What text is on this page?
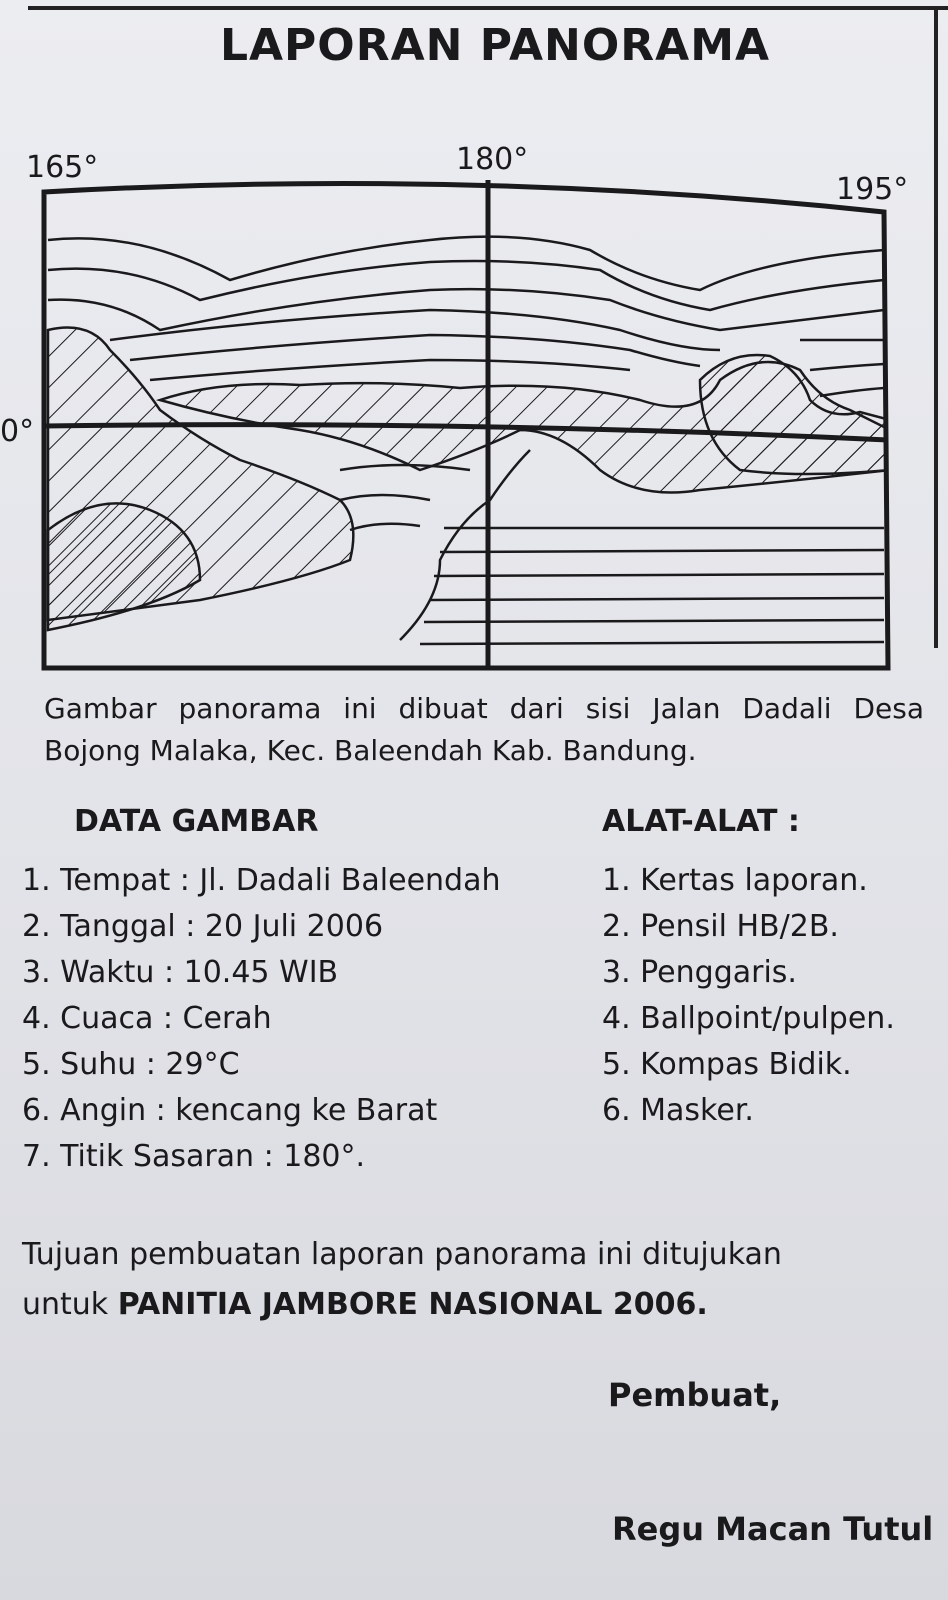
LAPORAN PANORAMA
165°	180°
195°
0°
Gambar panorama ini dibuat dari sisi Jalan Dadali Desa Bojong Malaka, Kec. Baleendah Kab. Bandung.
DATA GAMBAR
1. Tempat : Jl. Dadali Baleendah
2. Tanggal : 20 Juli 2006
3. Waktu : 10.45 WIB
4. Cuaca : Cerah
5. Suhu : 29°C
6. Angin : kencang ke Barat
7. Titik Sasaran : 180°.
ALAT-ALAT :
1. Kertas laporan.
2. Pensil HB/2B.
3. Penggaris.
4. Ballpoint/pulpen.
5. Kompas Bidik.
6. Masker.
Tujuan pembuatan laporan panorama ini ditujukan
untuk PANITIA JAMBORE NASIONAL 2006.
Pembuat,
Regu Macan Tutul
